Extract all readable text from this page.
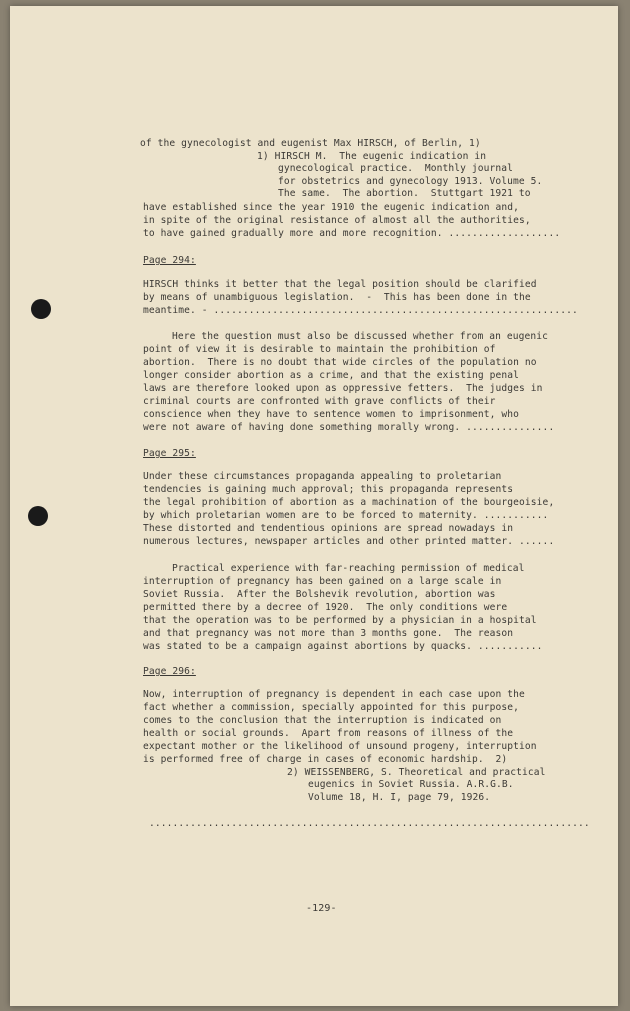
of the gynecologist and eugenist Max HIRSCH, of Berlin, 1)
1) HIRSCH M.  The eugenic indication in
gynecological practice.  Monthly journal
for obstetrics and gynecology 1913. Volume 5.
The same.  The abortion.  Stuttgart 1921 to
have established since the year 1910 the eugenic indication and,
in spite of the original resistance of almost all the authorities,
to have gained gradually more and more recognition. ...................
Page 294:
HIRSCH thinks it better that the legal position should be clarified
by means of unambiguous legislation.  -  This has been done in the
meantime. - ..............................................................
Here the question must also be discussed whether from an eugenic
point of view it is desirable to maintain the prohibition of
abortion.  There is no doubt that wide circles of the population no
longer consider abortion as a crime, and that the existing penal
laws are therefore looked upon as oppressive fetters.  The judges in
criminal courts are confronted with grave conflicts of their
conscience when they have to sentence women to imprisonment, who
were not aware of having done something morally wrong. ...............
Page 295:
Under these circumstances propaganda appealing to proletarian
tendencies is gaining much approval; this propaganda represents
the legal prohibition of abortion as a machination of the bourgeoisie,
by which proletarian women are to be forced to maternity. ...........
These distorted and tendentious opinions are spread nowadays in
numerous lectures, newspaper articles and other printed matter. ......
Practical experience with far-reaching permission of medical
interruption of pregnancy has been gained on a large scale in
Soviet Russia.  After the Bolshevik revolution, abortion was
permitted there by a decree of 1920.  The only conditions were
that the operation was to be performed by a physician in a hospital
and that pregnancy was not more than 3 months gone.  The reason
was stated to be a campaign against abortions by quacks. ...........
Page 296:
Now, interruption of pregnancy is dependent in each case upon the
fact whether a commission, specially appointed for this purpose,
comes to the conclusion that the interruption is indicated on
health or social grounds.  Apart from reasons of illness of the
expectant mother or the likelihood of unsound progeny, interruption
is performed free of charge in cases of economic hardship.  2)
2) WEISSENBERG, S. Theoretical and practical
eugenics in Soviet Russia. A.R.G.B.
Volume 18, H. I, page 79, 1926.
...........................................................................
-129-
